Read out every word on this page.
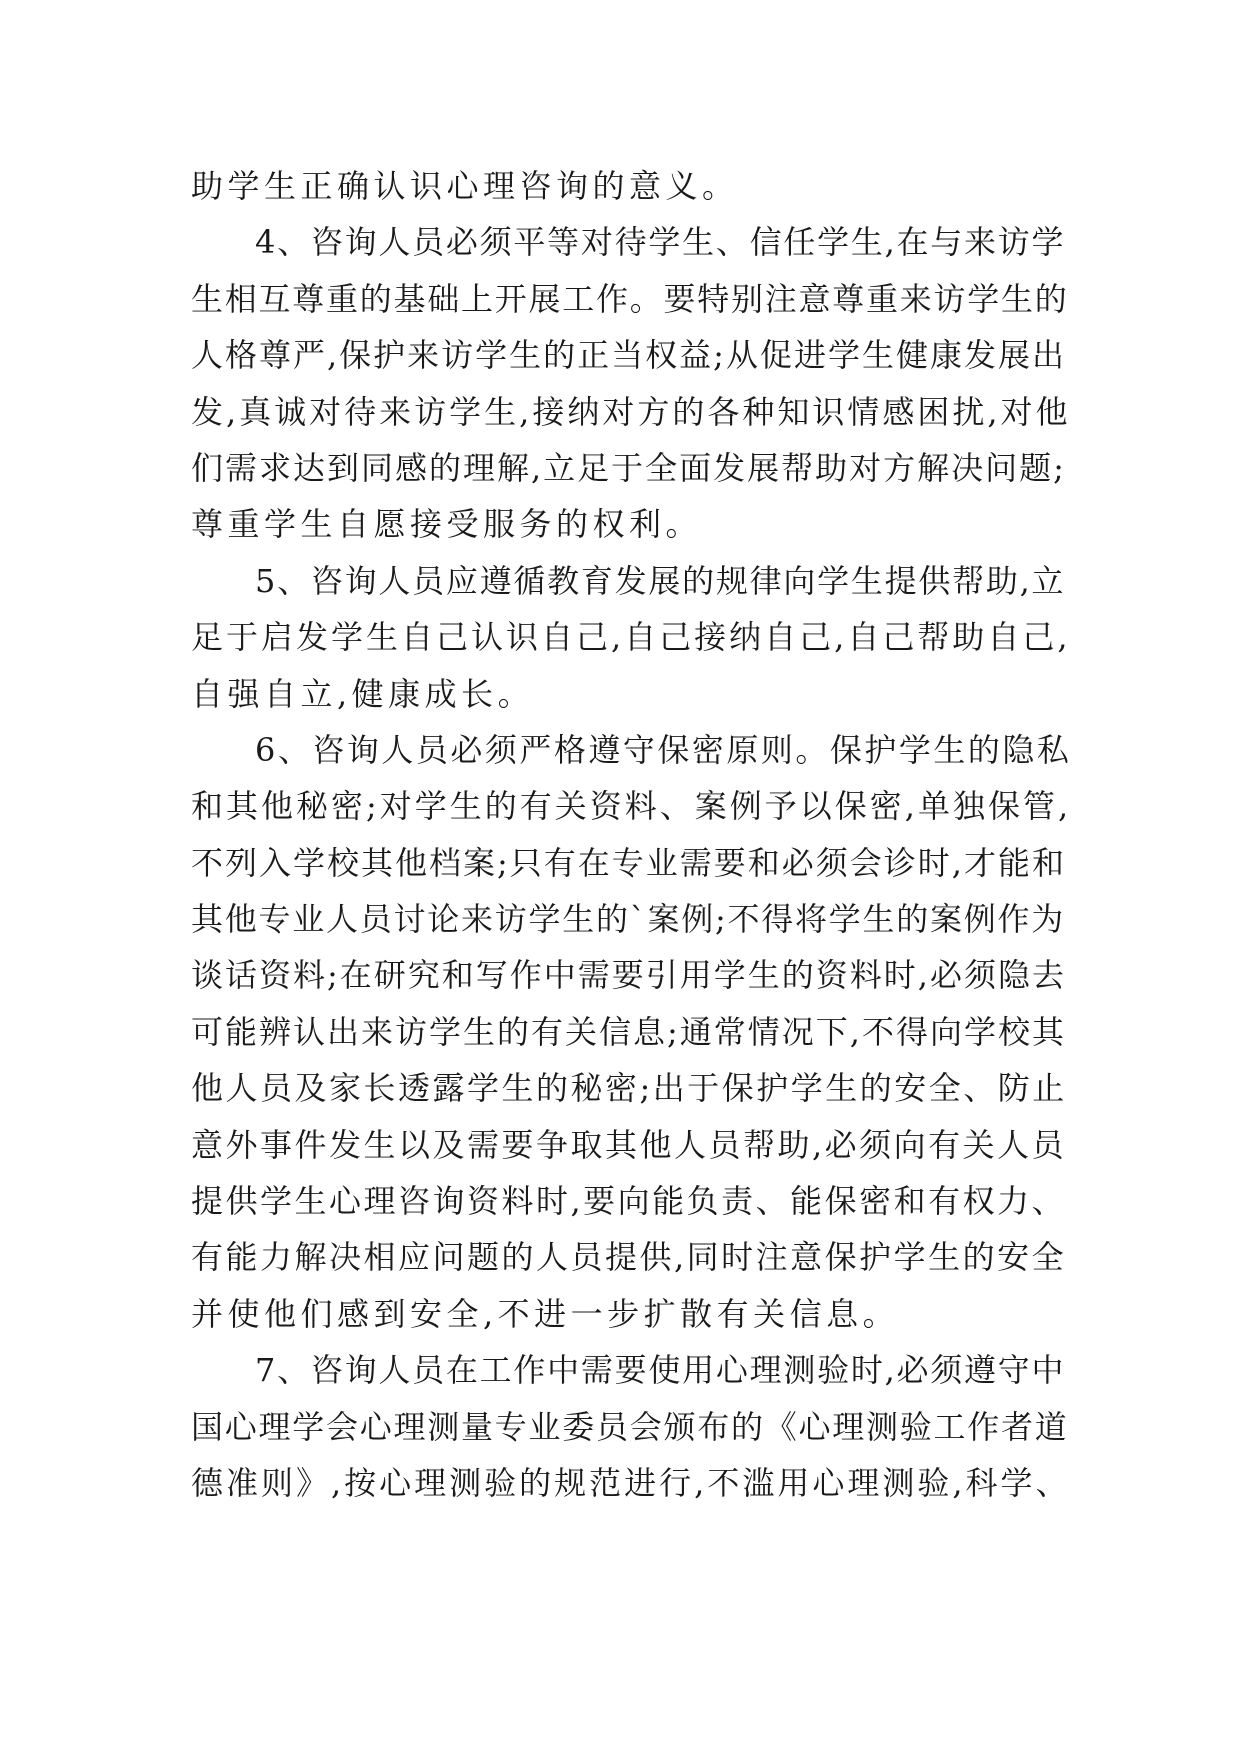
助学生正确认识心理咨询的意义。
4、咨询人员必须平等对待学生、信任学生,在与来访学
生相互尊重的基础上开展工作。要特别注意尊重来访学生的
人格尊严,保护来访学生的正当权益;从促进学生健康发展出
发,真诚对待来访学生,接纳对方的各种知识情感困扰,对他
们需求达到同感的理解,立足于全面发展帮助对方解决问题;
尊重学生自愿接受服务的权利。
5、咨询人员应遵循教育发展的规律向学生提供帮助,立
足于启发学生自己认识自己,自己接纳自己,自己帮助自己,
自强自立,健康成长。
6、咨询人员必须严格遵守保密原则。保护学生的隐私
和其他秘密;对学生的有关资料、案例予以保密,单独保管,
不列入学校其他档案;只有在专业需要和必须会诊时,才能和
其他专业人员讨论来访学生的`案例;不得将学生的案例作为
谈话资料;在研究和写作中需要引用学生的资料时,必须隐去
可能辨认出来访学生的有关信息;通常情况下,不得向学校其
他人员及家长透露学生的秘密;出于保护学生的安全、防止
意外事件发生以及需要争取其他人员帮助,必须向有关人员
提供学生心理咨询资料时,要向能负责、能保密和有权力、
有能力解决相应问题的人员提供,同时注意保护学生的安全
并使他们感到安全,不进一步扩散有关信息。
7、咨询人员在工作中需要使用心理测验时,必须遵守中
国心理学会心理测量专业委员会颁布的《心理测验工作者道
德准则》,按心理测验的规范进行,不滥用心理测验,科学、
